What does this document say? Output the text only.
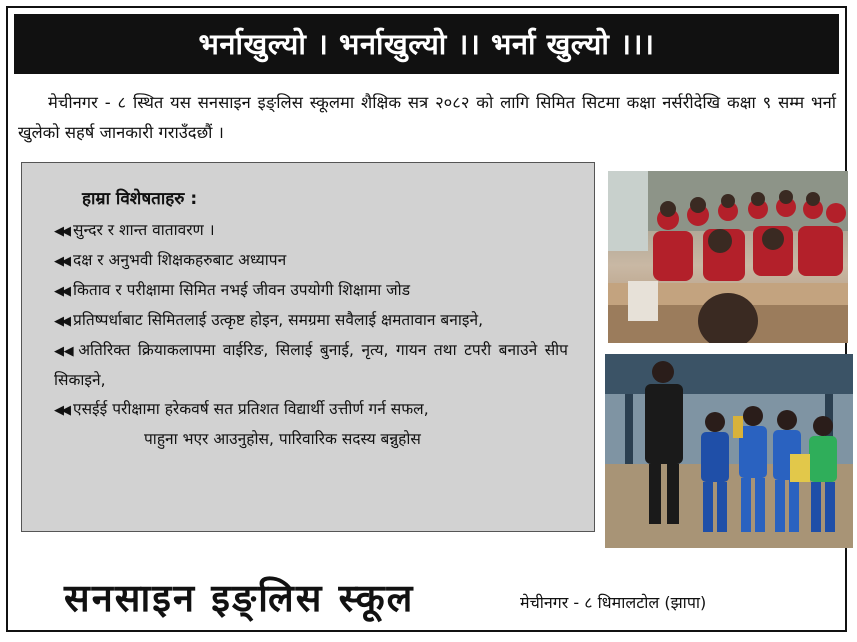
भर्नाखुल्यो । भर्नाखुल्यो ।। भर्ना खुल्यो ।।।
मेचीनगर - ८ स्थित यस सनसाइन इङ्लिस स्कूलमा शैक्षिक सत्र २०८२ को लागि सिमित सिटमा कक्षा नर्सरीदेखि कक्षा ९ सम्म भर्ना खुलेको सहर्ष जानकारी गराउँदछौं ।
हाम्रा विशेषताहरु :
◀◀ सुन्दर र शान्त वातावरण ।
◀◀ दक्ष र अनुभवी शिक्षकहरुबाट अध्यापन
◀◀ किताव र परीक्षामा सिमित नभई जीवन उपयोगी शिक्षामा जोड
◀◀ प्रतिष्पर्धाबाट सिमितलाई उत्कृष्ट होइन, समग्रमा सवैलाई क्षमतावान बनाइने,
◀◀ अतिरिक्त क्रियाकलापमा वाईरिङ, सिलाई बुनाई, नृत्य, गायन तथा टपरी बनाउने सीप सिकाइने,
◀◀ एसईई परीक्षामा हरेकवर्ष सत प्रतिशत विद्यार्थी उत्तीर्ण गर्न सफल,
पाहुना भएर आउनुहोस, पारिवारिक सदस्य बन्नुहोस
सनसाइन इङ्लिस स्कूल	मेचीनगर - ८ धिमालटोल (झापा)
